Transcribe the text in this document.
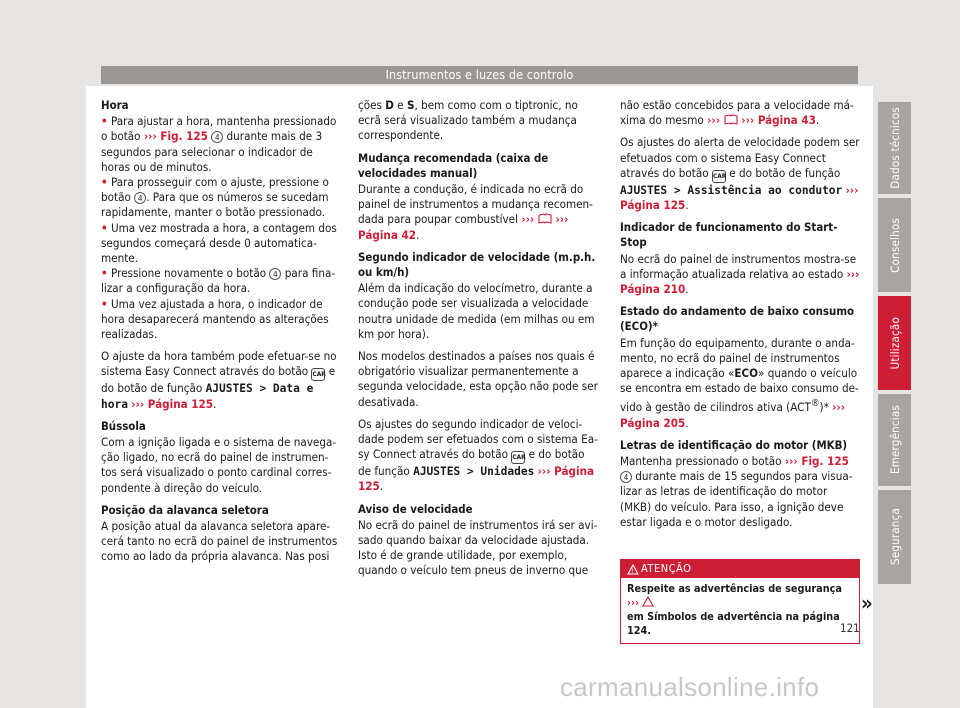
Instrumentos e luzes de controlo
Dados técnicos
Conselhos
Utilização
Emergências
Segurança

Hora

• Para ajustar a hora, mantenha pressionado o botão ››› Fig. 125 4 durante mais de 3 segundos para selecionar o indicador de horas ou de minutos.

• Para prosseguir com o ajuste, pressione o botão 4 . Para que os números se sucedam rapidamente, manter o botão pressionado.

• Uma vez mostrada a hora, a contagem dos segundos começará desde 0 automaticamente.

• Pressione novamente o botão 4 para finalizar a configuração da hora.

• Uma vez ajustada a hora, o indicador de hora desaparecerá mantendo as alterações realizadas.

O ajuste da hora também pode efetuar-se no sistema Easy Connect através do botão CAR e do botão de função AJUSTES > Data e hora ››› Página 125.

Bússola

Com a ignição ligada e o sistema de navegação ligado, no ecrã do painel de instrumentos será visualizado o ponto cardinal correspondente à direção do veículo.

Posição da alavanca seletora

A posição atual da alavanca seletora aparecerá tanto no ecrã do painel de instrumentos como ao lado da própria alavanca. Nas posi

ções D e S, bem como com o tiptronic, no ecrã será visualizado também a mudança correspondente.

Mudança recomendada (caixa de velocidades manual)

Durante a condução, é indicada no ecrã do painel de instrumentos a mudança recomendada para poupar combustível ››› ››› Página 42.

Segundo indicador de velocidade (m.p.h. ou km/h)

Além da indicação do velocímetro, durante a condução pode ser visualizada a velocidade noutra unidade de medida (em milhas ou em km por hora).

Nos modelos destinados a países nos quais é obrigatório visualizar permanentemente a segunda velocidade, esta opção não pode ser desativada.

Os ajustes do segundo indicador de velocidade podem ser efetuados com o sistema Easy Connect através do botão CAR e do botão de função AJUSTES > Unidades ››› Página 125.

Aviso de velocidade

No ecrã do painel de instrumentos irá ser avisado quando baixar da velocidade ajustada. Isto é de grande utilidade, por exemplo, quando o veículo tem pneus de inverno que

não estão concebidos para a velocidade máxima do mesmo ››› ››› Página 43.

Os ajustes do alerta de velocidade podem ser efetuados com o sistema Easy Connect através do botão CAR e do botão de função AJUSTES > Assistência ao condutor ››› Página 125.

Indicador de funcionamento do Start-Stop

No ecrã do painel de instrumentos mostra-se a informação atualizada relativa ao estado ››› Página 210.

Estado do andamento de baixo consumo (ECO)*

Em função do equipamento, durante o andamento, no ecrã do painel de instrumentos aparece a indicação «ECO» quando o veículo se encontra em estado de baixo consumo devido à gestão de cilindros ativa (ACT®)* ››› Página 205.

Letras de identificação do motor (MKB)

Mantenha pressionado o botão ››› Fig. 125 4 durante mais de 15 segundos para visualizar as letras de identificação do motor (MKB) do veículo. Para isso, a ignição deve estar ligada e o motor desligado.

! ATENÇÃO
Respeite as advertências de segurança ›››
em Símbolos de advertência na página 124.
»
121
carmanualsonline.info
